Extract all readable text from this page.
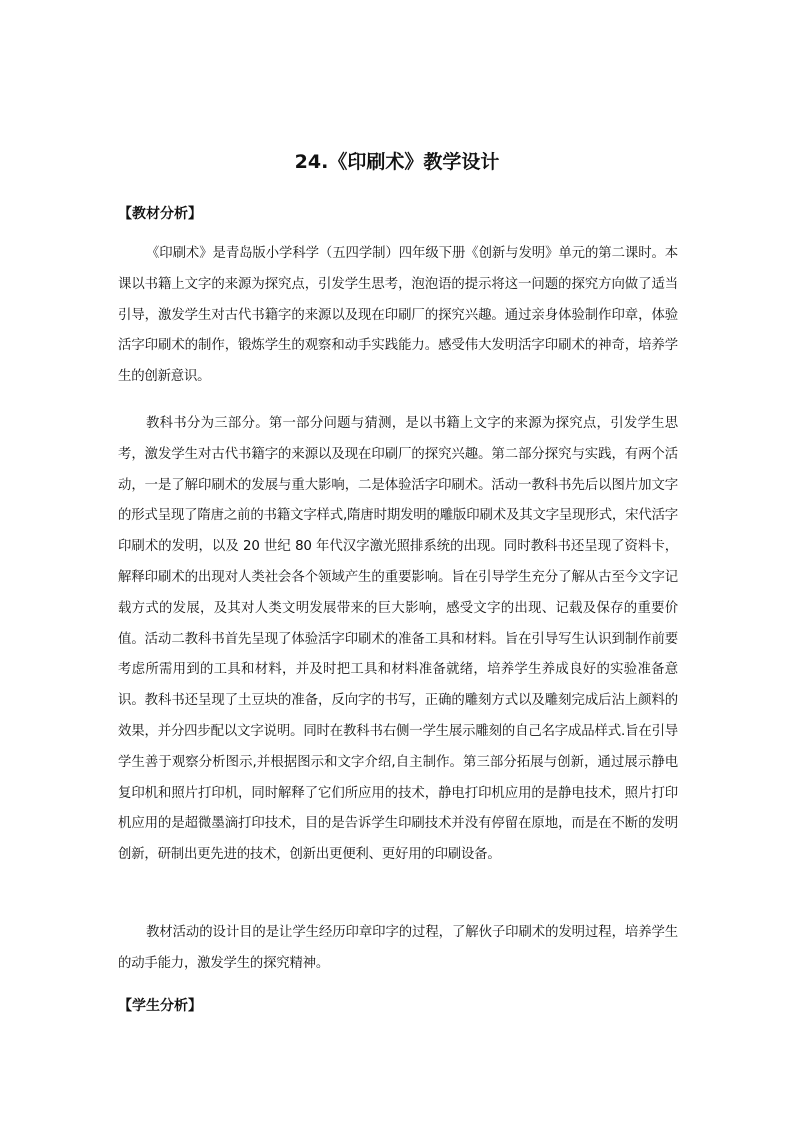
24.《印刷术》教学设计
【教材分析】

《印刷术》是青岛版小学科学（五四学制）四年级下册《创新与发明》单元的第二课时。本课以书籍上文字的来源为探究点，引发学生思考，泡泡语的提示将这一问题的探究方向做了适当引导，激发学生对古代书籍字的来源以及现在印刷厂的探究兴趣。通过亲身体验制作印章，体验活字印刷术的制作，锻炼学生的观察和动手实践能力。感受伟大发明活字印刷术的神奇，培养学生的创新意识。

教科书分为三部分。第一部分问题与猜测，是以书籍上文字的来源为探究点，引发学生思考，激发学生对古代书籍字的来源以及现在印刷厂的探究兴趣。第二部分探究与实践，有两个活动，一是了解印刷术的发展与重大影响，二是体验活字印刷术。活动一教科书先后以图片加文字的形式呈现了隋唐之前的书籍文字样式,隋唐时期发明的雕版印刷术及其文字呈现形式，宋代活字印刷术的发明，以及 20 世纪 80 年代汉字激光照排系统的出现。同时教科书还呈现了资料卡，解释印刷术的出现对人类社会各个领域产生的重要影响。旨在引导学生充分了解从古至今文字记载方式的发展，及其对人类文明发展带来的巨大影响，感受文字的出现、记载及保存的重要价值。活动二教科书首先呈现了体验活字印刷术的准备工具和材料。旨在引导写生认识到制作前要考虑所需用到的工具和材料，并及时把工具和材料准备就绪，培养学生养成良好的实验准备意识。教科书还呈现了土豆块的准备，反向字的书写，正确的雕刻方式以及雕刻完成后沾上颜料的效果，并分四步配以文字说明。同时在教科书右侧一学生展示雕刻的自己名字成品样式.旨在引导学生善于观察分析图示,并根据图示和文字介绍,自主制作。第三部分拓展与创新，通过展示静电复印机和照片打印机，同时解释了它们所应用的技术，静电打印机应用的是静电技术，照片打印机应用的是超微墨滴打印技术，目的是告诉学生印刷技术并没有停留在原地，而是在不断的发明创新，研制出更先进的技术，创新出更便利、更好用的印刷设备。

教材活动的设计目的是让学生经历印章印字的过程，了解伙子印刷术的发明过程，培养学生的动手能力，激发学生的探究精神。

【学生分析】
